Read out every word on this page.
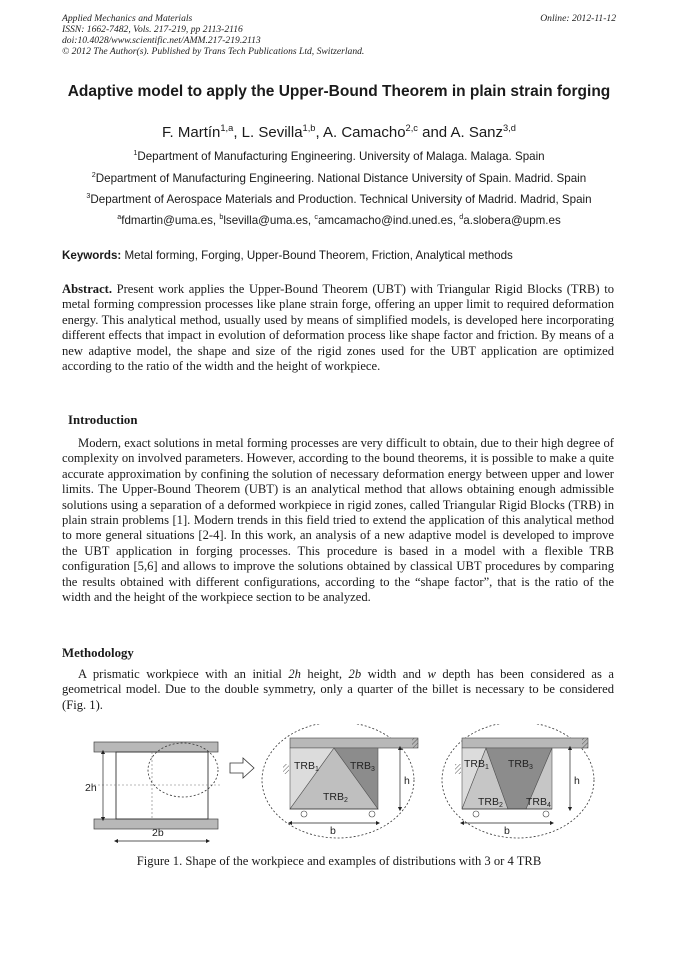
Applied Mechanics and Materials
ISSN: 1662-7482, Vols. 217-219, pp 2113-2116
doi:10.4028/www.scientific.net/AMM.217-219.2113
© 2012 The Author(s). Published by Trans Tech Publications Ltd, Switzerland.
Online: 2012-11-12
Adaptive model to apply the Upper-Bound Theorem in plain strain forging
F. Martín$^{1,a}$, L. Sevilla$^{1,b}$, A. Camacho$^{2,c}$ and A. Sanz$^{3,d}$
$^1$Department of Manufacturing Engineering. University of Malaga. Malaga. Spain
$^2$Department of Manufacturing Engineering. National Distance University of Spain. Madrid. Spain
$^3$Department of Aerospace Materials and Production. Technical University of Madrid. Madrid, Spain
$^a$fdmartin@uma.es, $^b$lsevilla@uma.es, $^c$amcamacho@ind.uned.es, $^d$a.slobera@upm.es
Keywords: Metal forming, Forging, Upper-Bound Theorem, Friction, Analytical methods
Abstract. Present work applies the Upper-Bound Theorem (UBT) with Triangular Rigid Blocks (TRB) to metal forming compression processes like plane strain forge, offering an upper limit to required deformation energy. This analytical method, usually used by means of simplified models, is developed here incorporating different effects that impact in evolution of deformation process like shape factor and friction. By means of a new adaptive model, the shape and size of the rigid zones used for the UBT application are optimized according to the ratio of the width and the height of workpiece.
Introduction
Modern, exact solutions in metal forming processes are very difficult to obtain, due to their high degree of complexity on involved parameters. However, according to the bound theorems, it is possible to make a quite accurate approximation by confining the solution of necessary deformation energy between upper and lower limits. The Upper-Bound Theorem (UBT) is an analytical method that allows obtaining enough admissible solutions using a separation of a deformed workpiece in rigid zones, called Triangular Rigid Blocks (TRB) in plain strain problems [1]. Modern trends in this field tried to extend the application of this analytical method to more general situations [2-4]. In this work, an analysis of a new adaptive model is developed to improve the UBT application in forging processes. This procedure is based in a model with a flexible TRB configuration [5,6] and allows to improve the solutions obtained by classical UBT procedures by comparing the results obtained with different configurations, according to the “shape factor”, that is the ratio of the width and the height of the workpiece section to be analyzed.
Methodology
A prismatic workpiece with an initial 2h height, 2b width and w depth has been considered as a geometrical model. Due to the double symmetry, only a quarter of the billet is necessary to be considered (Fig. 1).
2h
2b
h
b
TRB1	TRB3
TRB2
h
b
TRB1 TRB3
TRB2 TRB4
Figure 1. Shape of the workpiece and examples of distributions with 3 or 4 TRB
